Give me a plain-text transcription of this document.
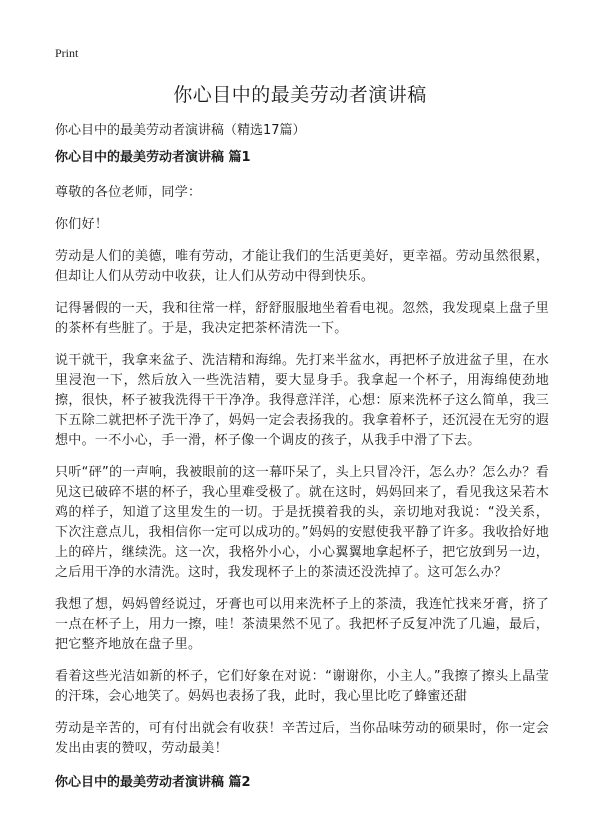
Print
你心目中的最美劳动者演讲稿

你心目中的最美劳动者演讲稿（精选17篇）

你心目中的最美劳动者演讲稿 篇1

尊敬的各位老师，同学：

你们好！

劳动是人们的美德，唯有劳动，才能让我们的生活更美好，更幸福。劳动虽然很累，但却让人们从劳动中收获，让人们从劳动中得到快乐。

记得暑假的一天，我和往常一样，舒舒服服地坐着看电视。忽然，我发现桌上盘子里的茶杯有些脏了。于是，我决定把茶杯清洗一下。

说干就干，我拿来盆子、洗洁精和海绵。先打来半盆水，再把杯子放进盆子里，在水里浸泡一下，然后放入一些洗洁精，要大显身手。我拿起一个杯子，用海绵使劲地擦，很快，杯子被我洗得干干净净。我得意洋洋，心想：原来洗杯子这么简单，我三下五除二就把杯子洗干净了，妈妈一定会表扬我的。我拿着杯子，还沉浸在无穷的遐想中。一不小心，手一滑，杯子像一个调皮的孩子，从我手中滑了下去。

只听“砰”的一声响，我被眼前的这一幕吓呆了，头上只冒冷汗，怎么办？怎么办？看见这已破碎不堪的杯子，我心里难受极了。就在这时，妈妈回来了，看见我这呆若木鸡的样子，知道了这里发生的一切。于是抚摸着我的头，亲切地对我说：“没关系，下次注意点儿，我相信你一定可以成功的。”妈妈的安慰使我平静了许多。我收拾好地上的碎片，继续洗。这一次，我格外小心，小心翼翼地拿起杯子，把它放到另一边，之后用干净的水清洗。这时，我发现杯子上的茶渍还没洗掉了。这可怎么办？

我想了想，妈妈曾经说过，牙膏也可以用来洗杯子上的茶渍，我连忙找来牙膏，挤了一点在杯子上，用力一擦，哇！茶渍果然不见了。我把杯子反复冲洗了几遍，最后，把它整齐地放在盘子里。

看着这些光洁如新的杯子，它们好象在对说：“谢谢你，小主人。”我擦了擦头上晶莹的汗珠，会心地笑了。妈妈也表扬了我，此时，我心里比吃了蜂蜜还甜

劳动是辛苦的，可有付出就会有收获！辛苦过后，当你品味劳动的硕果时，你一定会发出由衷的赞叹，劳动最美！

你心目中的最美劳动者演讲稿 篇2
